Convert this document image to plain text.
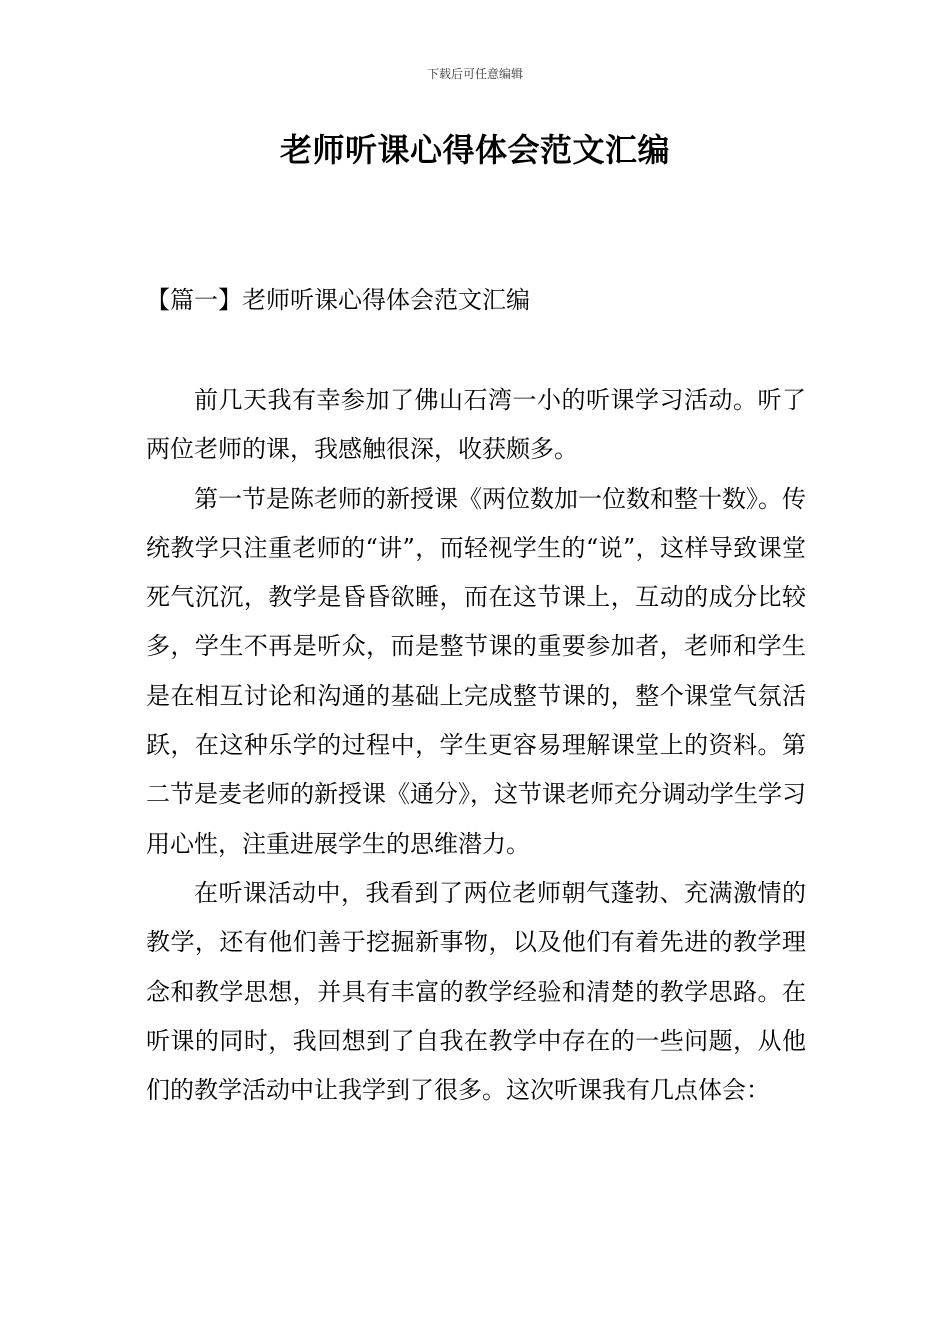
下载后可任意编辑
老师听课心得体会范文汇编
【篇一】老师听课心得体会范文汇编

前几天我有幸参加了佛山石湾一小的听课学习活动。听了两位老师的课，我感触很深，收获颇多。

第一节是陈老师的新授课《两位数加一位数和整十数》。传统教学只注重老师的“讲”，而轻视学生的“说”，这样导致课堂死气沉沉，教学是昏昏欲睡，而在这节课上，互动的成分比较多，学生不再是听众，而是整节课的重要参加者，老师和学生是在相互讨论和沟通的基础上完成整节课的，整个课堂气氛活跃，在这种乐学的过程中，学生更容易理解课堂上的资料。第二节是麦老师的新授课《通分》，这节课老师充分调动学生学习用心性，注重进展学生的思维潜力。

在听课活动中，我看到了两位老师朝气蓬勃、充满激情的教学，还有他们善于挖掘新事物，以及他们有着先进的教学理念和教学思想，并具有丰富的教学经验和清楚的教学思路。在听课的同时，我回想到了自我在教学中存在的一些问题，从他们的教学活动中让我学到了很多。这次听课我有几点体会：
